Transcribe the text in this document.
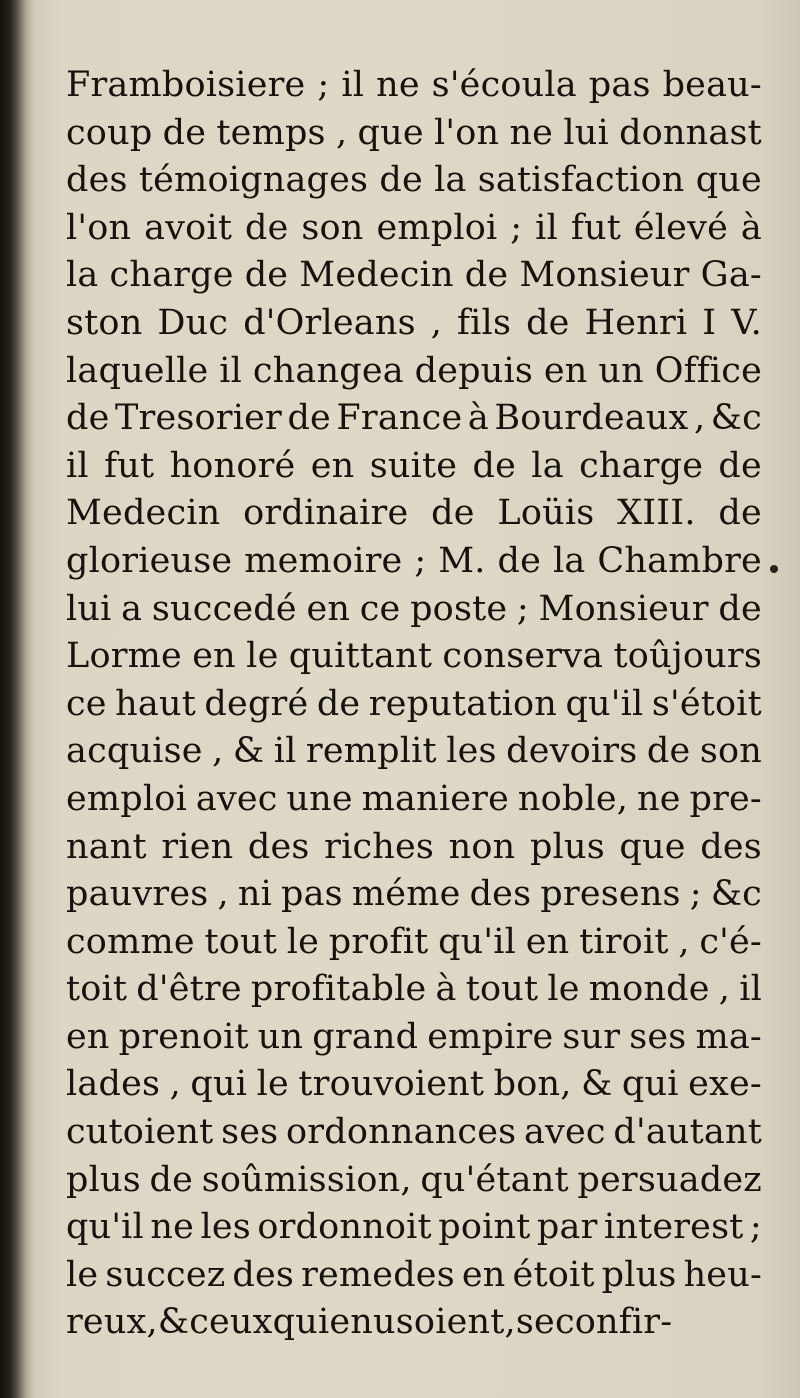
Framboisiere ; il ne s'écoula pas beau-
coup de temps , que l'on ne lui donnast
des témoignages de la satisfaction que
l'on avoit de son emploi ; il fut élevé à
la charge de Medecin de Monsieur Ga-
ston Duc d'Orleans , fils de Henri I V.
laquelle il changea depuis en un Office
de Tresorier de France à Bourdeaux , &c
il fut honoré en suite de la charge de
Medecin ordinaire de Loüis XIII. de
glorieuse memoire ; M. de la Chambre
lui a succedé en ce poste ; Monsieur de
Lorme en le quittant conserva toûjours
ce haut degré de reputation qu'il s'étoit
acquise , & il remplit les devoirs de son
emploi avec une maniere noble, ne pre-
nant rien des riches non plus que des
pauvres , ni pas méme des presens ; &c
comme tout le profit qu'il en tiroit , c'é-
toit d'être profitable à tout le monde , il
en prenoit un grand empire sur ses ma-
lades , qui le trouvoient bon, & qui exe-
cutoient ses ordonnances avec d'autant
plus de soûmission, qu'étant persuadez
qu'il ne les ordonnoit point par interest ;
le succez des remedes en étoit plus heu-
reux , & ceux qui en usoient, se confir-
